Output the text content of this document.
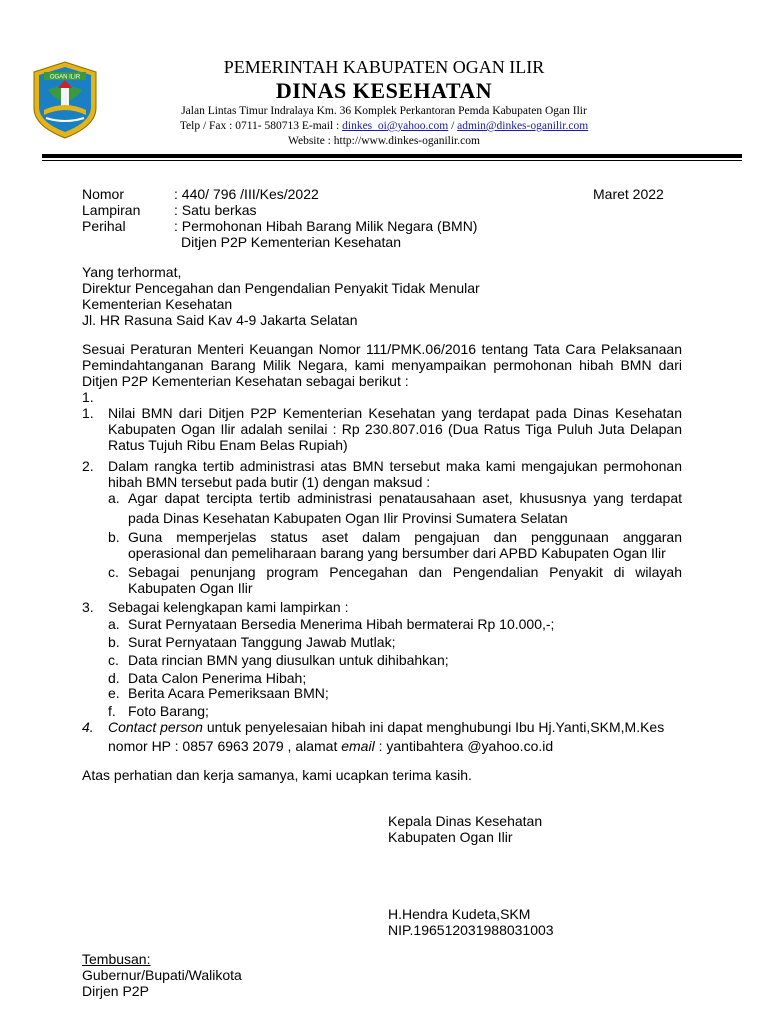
OGAN ILIR
PEMERINTAH KABUPATEN OGAN ILIR
DINAS KESEHATAN
Jalan Lintas Timur Indralaya Km. 36 Komplek Perkantoran Pemda Kabupaten Ogan Ilir
Telp / Fax : 0711- 580713 E-mail : dinkes_oi@yahoo.com / admin@dinkes-oganilir.com
Website : http://www.dinkes-oganilir.com
Nomor	: 440/ 796 /III/Kes/2022	Maret 2022
Lampiran : Satu berkas
Perihal	: Permohonan Hibah Barang Milik Negara (BMN)
Ditjen P2P Kementerian Kesehatan
Yang terhormat,
Direktur Pencegahan dan Pengendalian Penyakit Tidak Menular
Kementerian Kesehatan
Jl. HR Rasuna Said Kav 4-9 Jakarta Selatan
Sesuai Peraturan Menteri Keuangan Nomor 111/PMK.06/2016 tentang Tata Cara Pelaksanaan
Pemindahtanganan Barang Milik Negara, kami menyampaikan permohonan hibah BMN dari
Ditjen P2P Kementerian Kesehatan sebagai berikut :
1.
1. Nilai BMN dari Ditjen P2P Kementerian Kesehatan yang terdapat pada Dinas Kesehatan
Kabupaten Ogan Ilir adalah senilai : Rp 230.807.016 (Dua Ratus Tiga Puluh Juta Delapan
Ratus Tujuh Ribu Enam Belas Rupiah)
2. Dalam rangka tertib administrasi atas BMN tersebut maka kami mengajukan permohonan
hibah BMN tersebut pada butir (1) dengan maksud :
a. Agar dapat tercipta tertib administrasi penatausahaan aset, khususnya yang terdapat
pada Dinas Kesehatan Kabupaten Ogan Ilir Provinsi Sumatera Selatan
b. Guna memperjelas status aset dalam pengajuan dan penggunaan anggaran
operasional dan pemeliharaan barang yang bersumber dari APBD Kabupaten Ogan Ilir
c. Sebagai penunjang program Pencegahan dan Pengendalian Penyakit di wilayah
Kabupaten Ogan Ilir
3. Sebagai kelengkapan kami lampirkan :
a. Surat Pernyataan Bersedia Menerima Hibah bermaterai Rp 10.000,-;
b. Surat Pernyataan Tanggung Jawab Mutlak;
c. Data rincian BMN yang diusulkan untuk dihibahkan;
d. Data Calon Penerima Hibah;
e. Berita Acara Pemeriksaan BMN;
f. Foto Barang;
4. Contact person untuk penyelesaian hibah ini dapat menghubungi Ibu Hj.Yanti,SKM,M.Kes
nomor HP : 0857 6963 2079 , alamat email : yantibahtera @yahoo.co.id
Atas perhatian dan kerja samanya, kami ucapkan terima kasih.
Kepala Dinas Kesehatan
Kabupaten Ogan Ilir
H.Hendra Kudeta,SKM
NIP.196512031988031003
Tembusan:
Gubernur/Bupati/Walikota
Dirjen P2P
